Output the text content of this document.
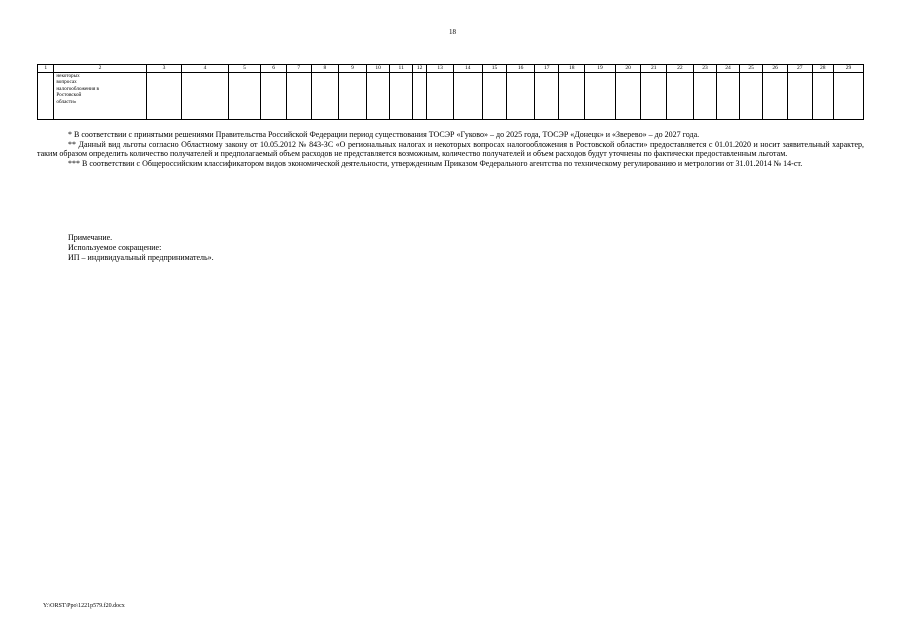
18
1	2	3	4	5	6	7	8	9	10	11	12	13	14	15	16	17	18	19	20	21	22	23	24	25	26	27	28	29

	некоторых
вопросах
налогообложения в
Ростовской
области»																											

* В соответствии с принятыми решениями Правительства Российской Федерации период существования ТОСЭР «Гуково» – до 2025 года, ТОСЭР «Донецк» и «Зверево» – до 2027 года.

** Данный вид льготы согласно Областному закону от 10.05.2012 № 843-ЗС «О региональных налогах и некоторых вопросах налогообложения в Ростовской области» предоставляется с 01.01.2020 и носит заявительный характер, таким образом определить количество получателей и предполагаемый объем расходов не представляется возможным, количество получателей и объем расходов будут уточнены по фактически предоставленным льготам.

*** В соответствии с Общероссийским классификатором видов экономической деятельности, утвержденным Приказом Федерального агентства по техническому регулированию и метрологии от 31.01.2014 № 14-ст.

Примечание.
Используемое сокращение:
ИП – индивидуальный предприниматель».
Y:\ORST\Ppo\1221p579.f20.docx
